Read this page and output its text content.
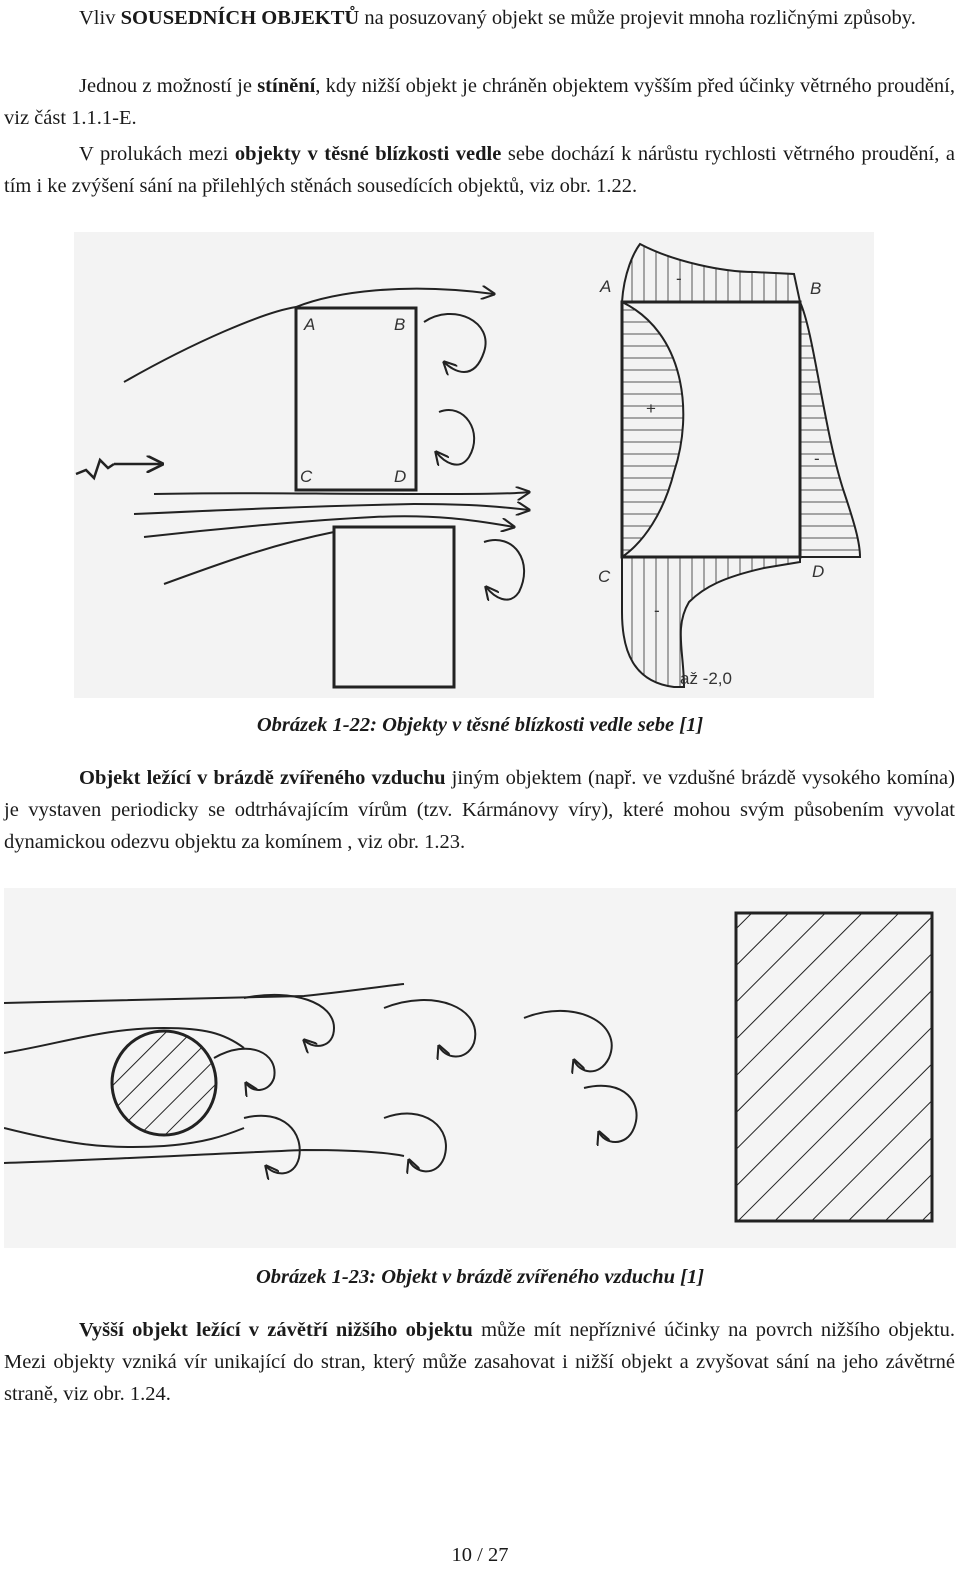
Vliv SOUSEDNÍCH OBJEKTŮ na posuzovaný objekt se může projevit mnoha rozličnými způsoby.

Jednou z možností je stínění, kdy nižší objekt je chráněn objektem vyšším před účinky větrného proudění, viz část 1.1.1-E.

V prolukách mezi objekty v těsné blízkosti vedle sebe dochází k nárůstu rychlosti větrného proudění, a tím i ke zvýšení sání na přilehlých stěnách sousedících objektů, viz obr. 1.22.

A	B
C	D
A	B
C	D
-
+
-
-
až -2,0
Obrázek 1-22: Objekty v těsné blízkosti vedle sebe [1]

Objekt ležící v brázdě zvířeného vzduchu jiným objektem (např. ve vzdušné brázdě vysokého komína) je vystaven periodicky se odtrhávajícím vírům (tzv. Kármánovy víry), které mohou svým působením vyvolat dynamickou odezvu objektu za komínem , viz obr. 1.23.

Obrázek 1-23: Objekt v brázdě zvířeného vzduchu [1]

Vyšší objekt ležící v závětří nižšího objektu může mít nepříznivé účinky na povrch nižšího objektu. Mezi objekty vzniká vír unikající do stran, který může zasahovat i nižší objekt a zvyšovat sání na jeho závětrné straně, viz obr. 1.24.

10 / 27
